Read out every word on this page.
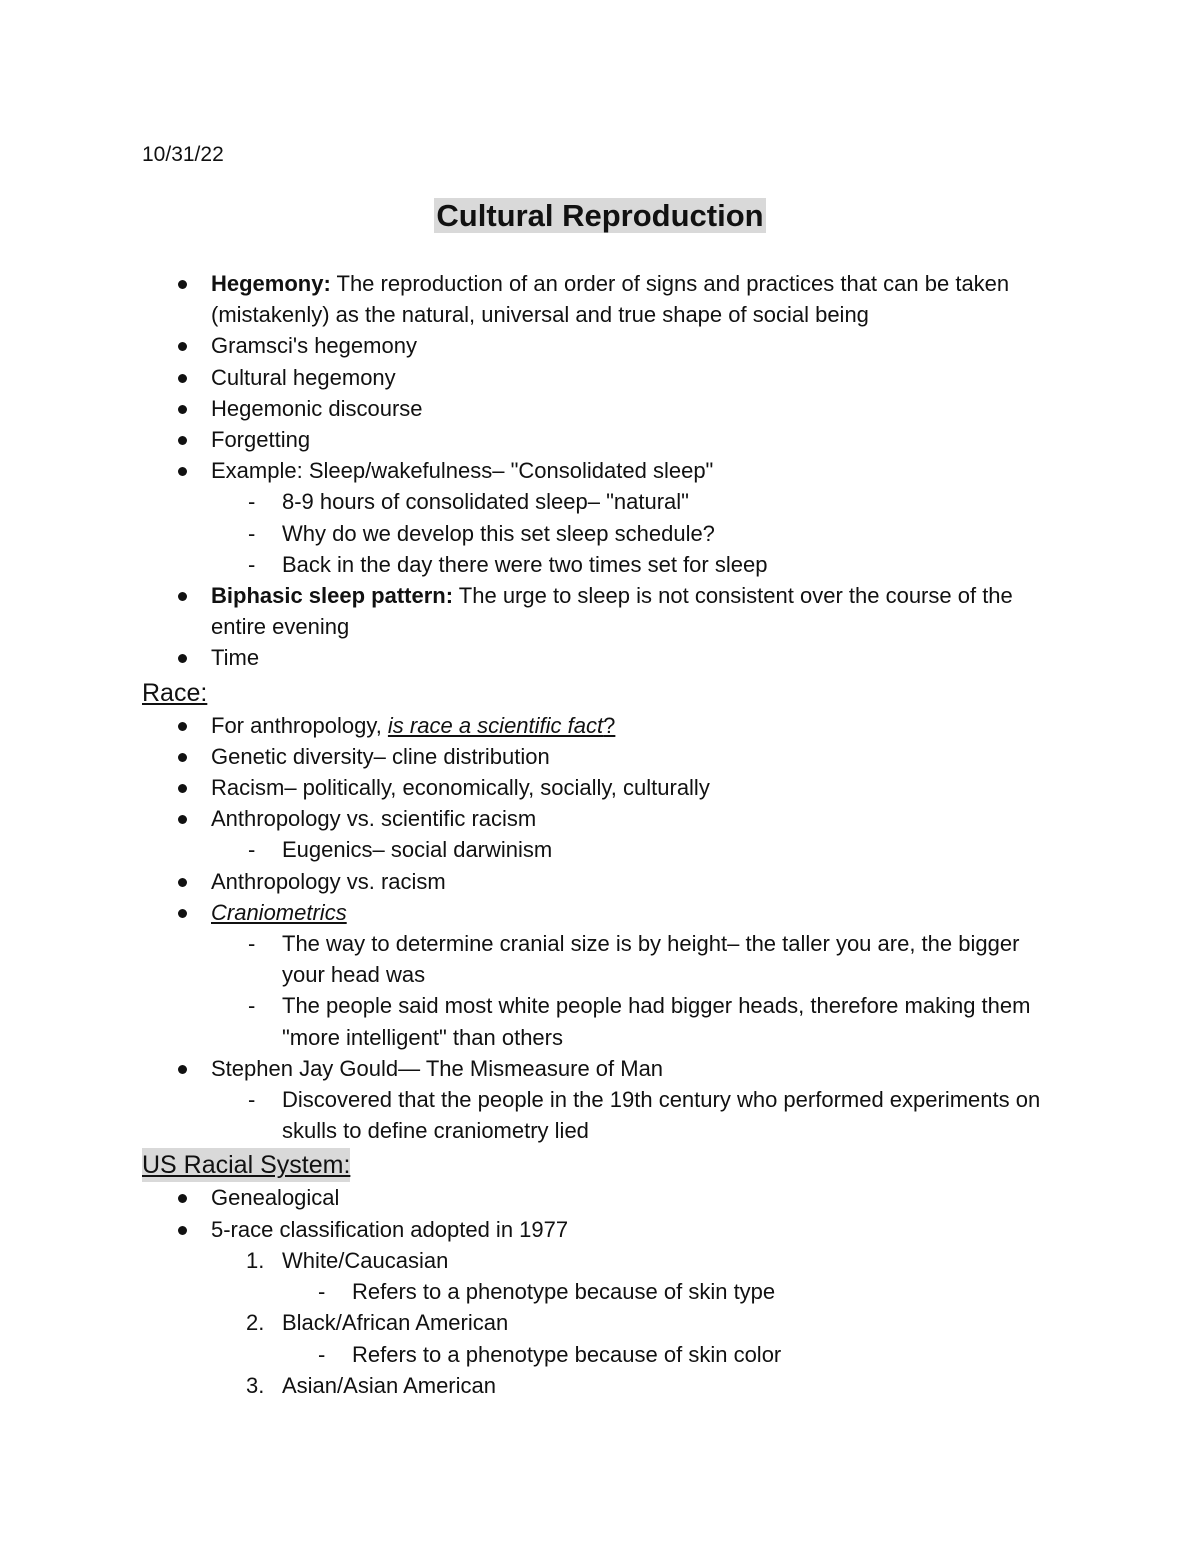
10/31/22
Cultural Reproduction
Hegemony: The reproduction of an order of signs and practices that can be taken (mistakenly) as the natural, universal and true shape of social being
Gramsci's hegemony
Cultural hegemony
Hegemonic discourse
Forgetting
Example: Sleep/wakefulness– "Consolidated sleep"
- 8-9 hours of consolidated sleep– "natural"
- Why do we develop this set sleep schedule?
- Back in the day there were two times set for sleep
Biphasic sleep pattern: The urge to sleep is not consistent over the course of the entire evening
Time
Race:
For anthropology, is race a scientific fact?
Genetic diversity– cline distribution
Racism– politically, economically, socially, culturally
Anthropology vs. scientific racism
- Eugenics– social darwinism
Anthropology vs. racism
Craniometrics
- The way to determine cranial size is by height– the taller you are, the bigger your head was
- The people said most white people had bigger heads, therefore making them "more intelligent" than others
Stephen Jay Gould— The Mismeasure of Man
- Discovered that the people in the 19th century who performed experiments on skulls to define craniometry lied
US Racial System:
Genealogical
5-race classification adopted in 1977
1. White/Caucasian
- Refers to a phenotype because of skin type
2. Black/African American
- Refers to a phenotype because of skin color
3. Asian/Asian American
